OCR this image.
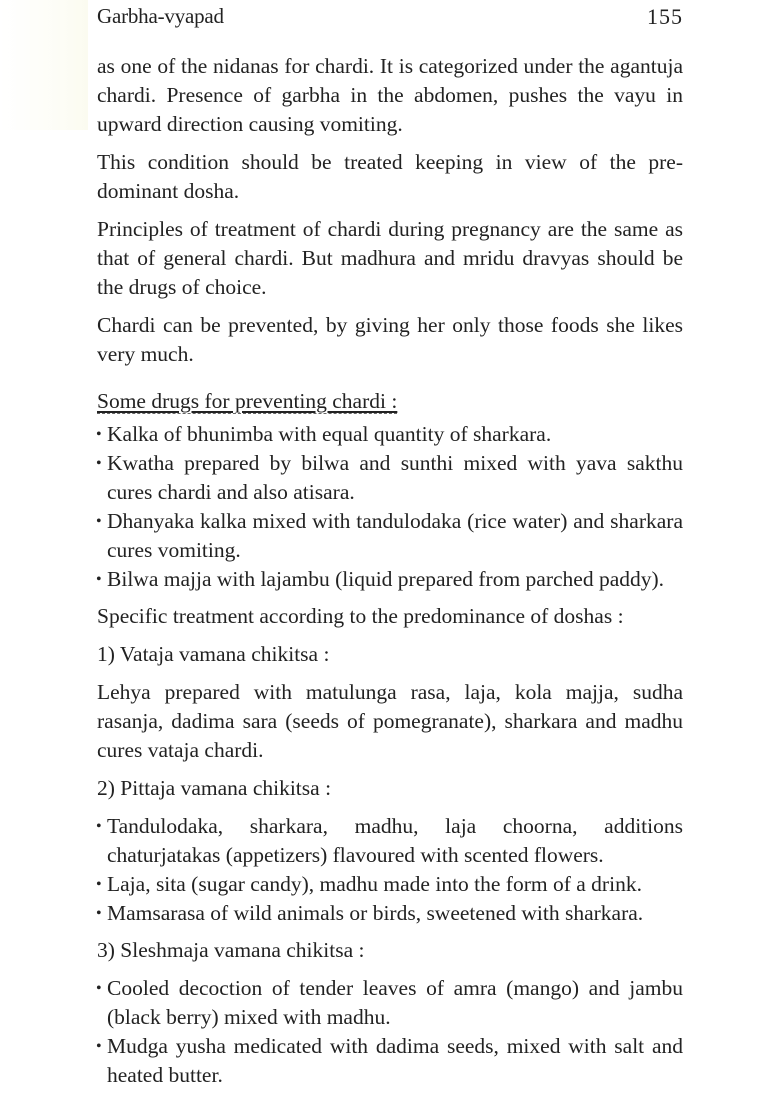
Garbha-vyapad	155

as one of the nidanas for chardi. It is categorized under the agantuja chardi. Presence of garbha in the abdomen, pushes the vayu in upward direction causing vomiting.

This condition should be treated keeping in view of the pre-dominant dosha.

Principles of treatment of chardi during pregnancy are the same as that of general chardi. But madhura and mridu dravyas should be the drugs of choice.

Chardi can be prevented, by giving her only those foods she likes very much.

Some drugs for preventing chardi :

• Kalka of bhunimba with equal quantity of sharkara.
• Kwatha prepared by bilwa and sunthi mixed with yava sakthu cures chardi and also atisara.
• Dhanyaka kalka mixed with tandulodaka (rice water) and sharkara cures vomiting.
• Bilwa majja with lajambu (liquid prepared from parched paddy).

Specific treatment according to the predominance of doshas :

1) Vataja vamana chikitsa :

Lehya prepared with matulunga rasa, laja, kola majja, sudha rasanja, dadima sara (seeds of pomegranate), sharkara and madhu cures vataja chardi.

2) Pittaja vamana chikitsa :

• Tandulodaka, sharkara, madhu, laja choorna, additions chaturjatakas (appetizers) flavoured with scented flowers.
• Laja, sita (sugar candy), madhu made into the form of a drink.
• Mamsarasa of wild animals or birds, sweetened with sharkara.

3) Sleshmaja vamana chikitsa :

• Cooled decoction of tender leaves of amra (mango) and jambu (black berry) mixed with madhu.
• Mudga yusha medicated with dadima seeds, mixed with salt and heated butter.
